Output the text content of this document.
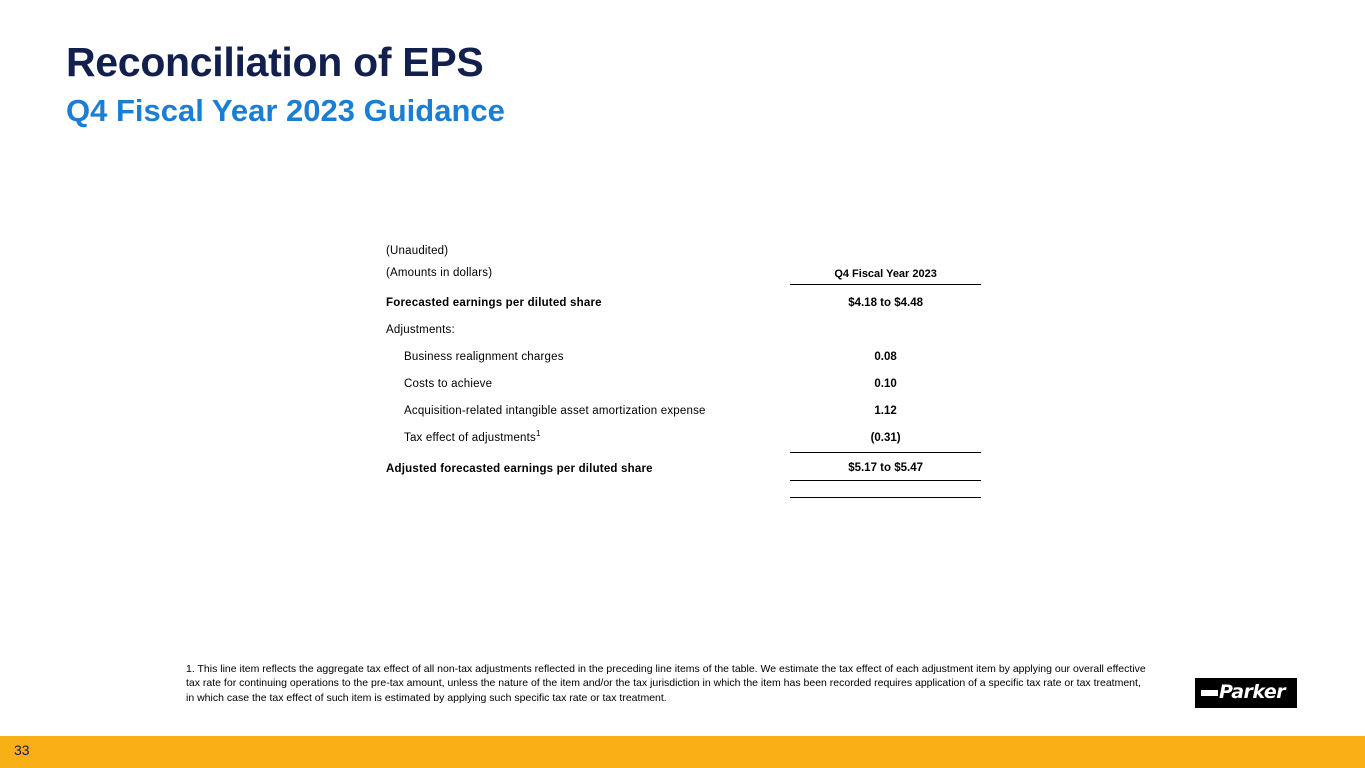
Reconciliation of EPS
Q4 Fiscal Year 2023 Guidance
(Unaudited)	
(Amounts in dollars)	Q4 Fiscal Year 2023
Forecasted earnings per diluted share	$4.18 to $4.48
Adjustments:	
Business realignment charges	0.08
Costs to achieve	0.10
Acquisition-related intangible asset amortization expense	1.12
Tax effect of adjustments$^1$	(0.31)
Adjusted forecasted earnings per diluted share	$5.17 to $5.47

1. This line item reflects the aggregate tax effect of all non-tax adjustments reflected in the preceding line items of the table. We estimate the tax effect of each adjustment item by applying our overall effective tax rate for continuing operations to the pre-tax amount, unless the nature of the item and/or the tax jurisdiction in which the item has been recorded requires application of a specific tax rate or tax treatment, in which case the tax effect of such item is estimated by applying such specific tax rate or tax treatment.	Parker
33
